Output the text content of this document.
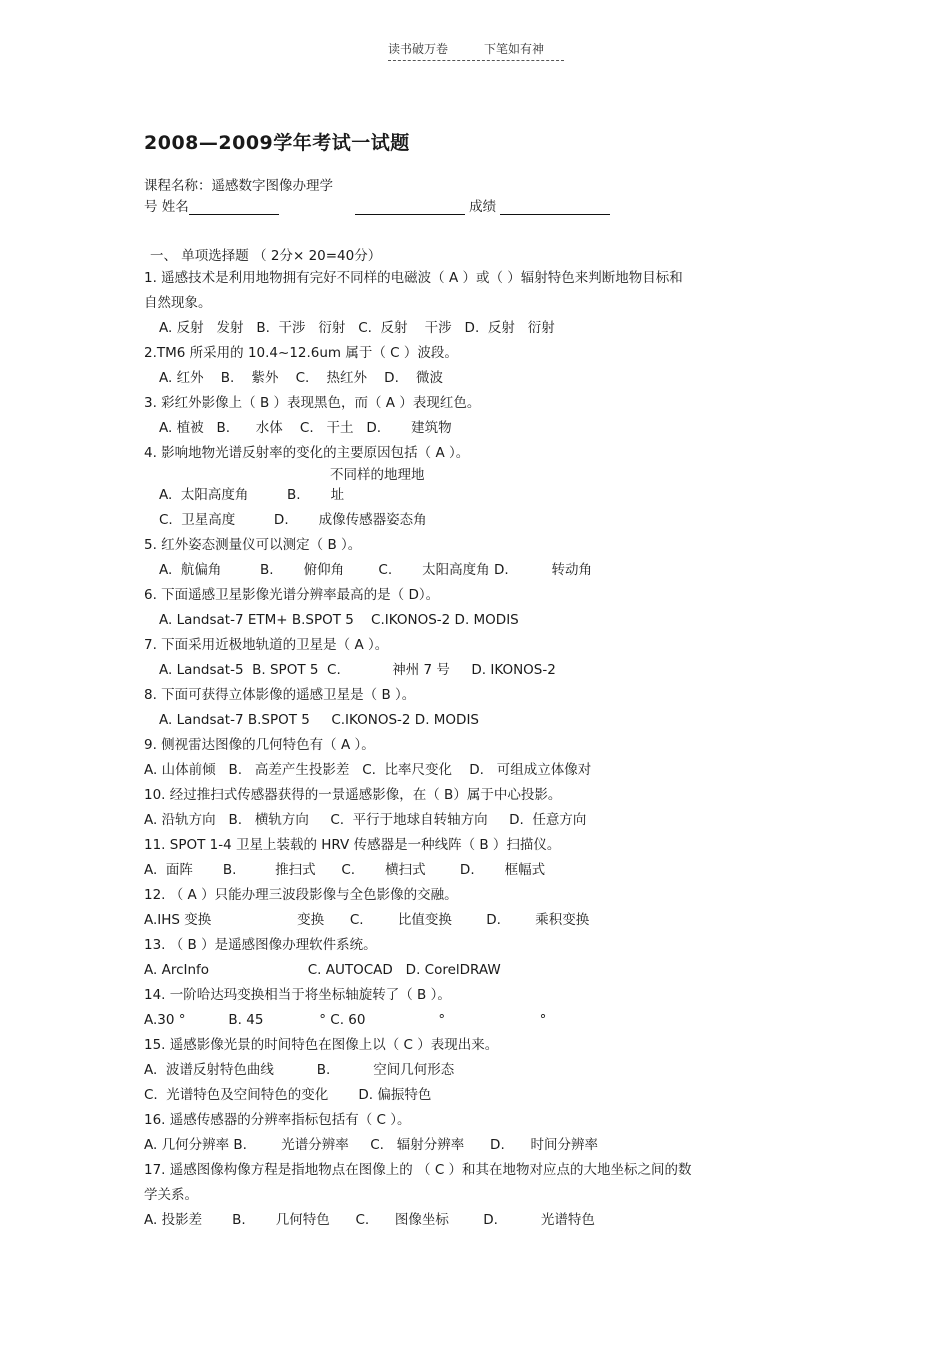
读书破万卷	下笔如有神
2008—2009学年考试一试题
课程名称：遥感数字图像办理学
号 姓名	成绩
一、 单项选择题 （ 2分× 20=40分）
1. 遥感技术是利用地物拥有完好不同样的电磁波（ A ）或（ ）辐射特色来判断地物目标和
自然现象。
A. 反射   发射   B.  干涉   衍射   C.  反射    干涉   D.  反射   衍射
2.TM6 所采用的 10.4~12.6um 属于（ C ）波段。
A. 红外    B.    紫外    C.    热红外    D.    微波
3. 彩红外影像上（ B ）表现黑色，而（ A ）表现红色。
A. 植被   B.      水体    C.   干土   D.       建筑物
4. 影响地物光谱反射率的变化的主要原因包括（ A ）。
不同样的地理地
A.  太阳高度角         B.       址
C.  卫星高度         D.       成像传感器姿态角
5. 红外姿态测量仪可以测定（ B ）。
A.  航偏角         B.       俯仰角        C.       太阳高度角 D.          转动角
6. 下面遥感卫星影像光谱分辨率最高的是（ D）。
A. Landsat-7 ETM+ B.SPOT 5    C.IKONOS-2 D. MODIS
7. 下面采用近极地轨道的卫星是（ A ）。
A. Landsat-5  B. SPOT 5  C.            神州 7 号     D. IKONOS-2
8. 下面可获得立体影像的遥感卫星是（ B ）。
A. Landsat-7 B.SPOT 5     C.IKONOS-2 D. MODIS
9. 侧视雷达图像的几何特色有（ A ）。
A. 山体前倾   B.   高差产生投影差   C.  比率尺变化    D.   可组成立体像对
10. 经过推扫式传感器获得的一景遥感影像，在（ B）属于中心投影。
A. 沿轨方向   B.   横轨方向     C.  平行于地球自转轴方向     D.  任意方向
11. SPOT 1-4 卫星上装载的 HRV 传感器是一种线阵（ B ）扫描仪。
A.  面阵       B.         推扫式      C.       横扫式        D.       框幅式
12. （ A ）只能办理三波段影像与全色影像的交融。
A.IHS 变换                    变换      C.        比值变换        D.        乘积变换
13. （ B ）是遥感图像办理软件系统。
A. ArcInfo                       C. AUTOCAD   D. CorelDRAW
14. 一阶哈达玛变换相当于将坐标轴旋转了（ B ）。
A.30 °          B. 45             ° C. 60                 °                      °
15. 遥感影像光景的时间特色在图像上以（ C ）表现出来。
A.  波谱反射特色曲线          B.          空间几何形态
C.  光谱特色及空间特色的变化       D. 偏振特色
16. 遥感传感器的分辨率指标包括有（ C ）。
A. 几何分辨率 B.        光谱分辨率     C.   辐射分辨率      D.      时间分辨率
17. 遥感图像构像方程是指地物点在图像上的 （ C ）和其在地物对应点的大地坐标之间的数
学关系。
A. 投影差       B.       几何特色      C.      图像坐标        D.          光谱特色
